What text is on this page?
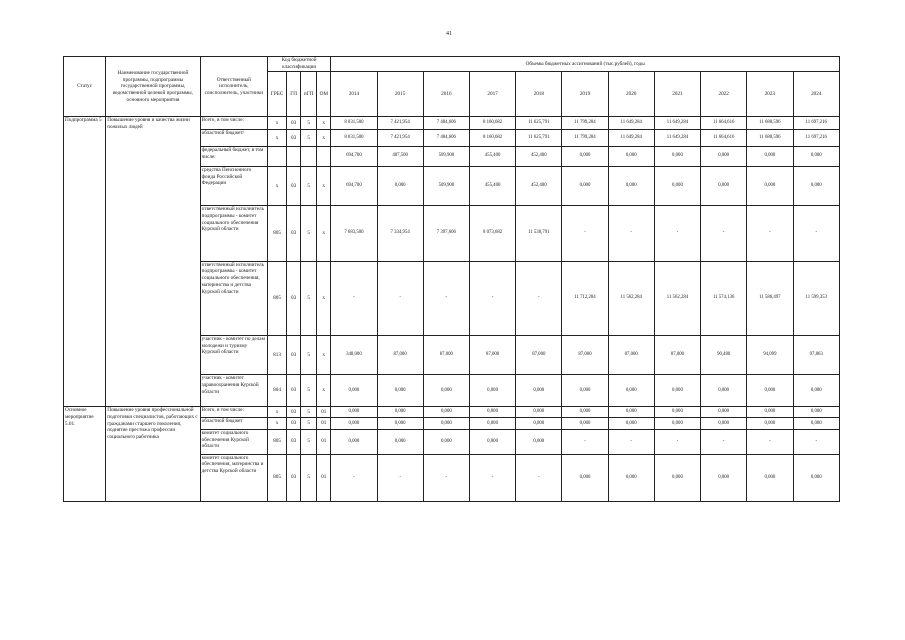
41
Статус	Наименование государственной программы, подпрограммы государственной программы, ведомственной целевой программы, основного мероприятия	Ответственный исполнитель, соисполнитель, участники	Код бюджетной классификации				Объемы бюджетных ассигнований (тыс.рублей), годы										
			ГРБС	ГП	пГП	ОМ	2014	2015	2016	2017	2018	2019	2020	2021	2022	2023	2024
Подпрограмма 5	Повышение уровня и качества жизни пожилых людей	Всего, в том числе:	x	03	5	x	8 031,500	7 421,954	7 484,606	8 160,682	11 625,791	11 799,284	11 649,284	11 649,284	11 664,616	11 680,596	11 697,216
		областной бюджет/	x	03	5	x	8 031,500	7 421,954	7 484,606	8 160,682	11 625,791	11 799,284	11 649,284	11 649,284	11 664,616	11 680,596	11 697,216
		федеральный бюджет, в том числе:					694,700	487,500	509,900	455,400	452,400	0,000	0,000	0,000	0,000	0,000	0,000
		средства Пенсионного фонда Российской Федерации	x	03	5	x	694,700	0,000	509,900	455,400	452,400	0,000	0,000	0,000	0,000	0,000	0,000
		ответственный исполнитель подпрограммы - комитет социального обеспечения Курской области	805	03	5	x	7 683,500	7 334,954	7 397,606	8 073,682	11 538,791	-	-	-	-	-	-
		ответственный исполнитель подпрограммы - комитет социального обеспечения, материнства и детства Курской области	805	03	5	x	-	-	-	-	-	11 712,284	11 562,284	11 562,284	11 574,136	11 586,497	11 599,353
		участник - комитет по делам молодежи и туризму Курской области	813	03	5	x	348,000	87,000	87,000	87,000	87,000	87,000	87,000	87,000	90,480	94,099	97,863
		участник - комитет здравоохранения Курской области	804	03	5	x	0,000	0,000	0,000	0,000	0,000	0,000	0,000	0,000	0,000	0,000	0,000
Основное мероприятие 5.01.	Повышение уровня профессиональной подготовки специалистов, работающих с гражданами старшего поколения, поднятие престижа профессии социального работника	Всего, в том числе:	x	03	5	01	0,000	0,000	0,000	0,000	0,000	0,000	0,000	0,000	0,000	0,000	0,000
		областной бюджет	x	03	5	01	0,000	0,000	0,000	0,000	0,000	0,000	0,000	0,000	0,000	0,000	0,000
		комитет социального обеспечения Курской области	805	03	5	01	0,000	0,000	0,000	0,000	0,000	-	-	-	-	-	-
		комитет социального обеспечения, материнства и детства Курской области	805	03	5	01	-	-	-	-	-	0,000	0,000	0,000	0,000	0,000	0,000
